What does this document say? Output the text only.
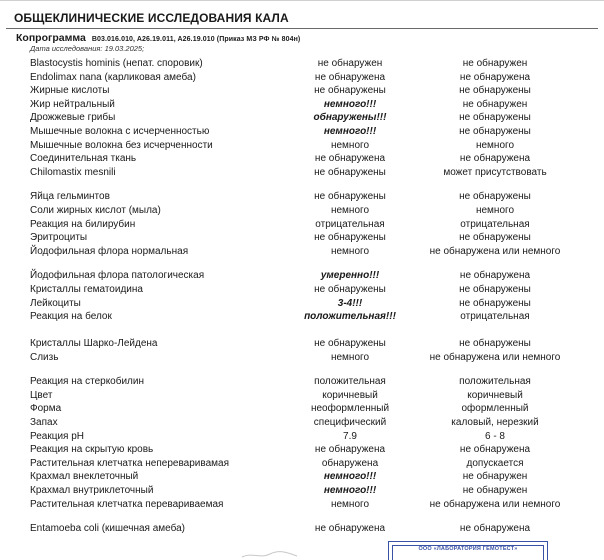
ОБЩЕКЛИНИЧЕСКИЕ ИССЛЕДОВАНИЯ КАЛА
Копрограмма B03.016.010, A26.19.011, A26.19.010 (Приказ МЗ РФ № 804н)
Дата исследования: 19.03.2025;
Blastocystis hominis (непат. споровик)	не обнаружен	не обнаружен
Endolimax nana (карликовая амеба)	не обнаружена	не обнаружена
Жирные кислоты	не обнаружены	не обнаружены
Жир нейтральный	немного!!!	не обнаружен
Дрожжевые грибы	обнаружены!!!	не обнаружены
Мышечные волокна с исчерченностью	немного!!!	не обнаружены
Мышечные волокна без исчерченности	немного	немного
Соединительная ткань	не обнаружена	не обнаружена
Chilomastix mesnili	не обнаружены	может присутствовать
Яйца гельминтов	не обнаружены	не обнаружены
Соли жирных кислот (мыла)	немного	немного
Реакция на билирубин	отрицательная	отрицательная
Эритроциты	не обнаружены	не обнаружены
Йодофильная флора нормальная	немного	не обнаружена или немного
Йодофильная флора патологическая	умеренно!!!	не обнаружена
Кристаллы гематоидина	не обнаружены	не обнаружены
Лейкоциты	3-4!!!	не обнаружены
Реакция на белок	положительная!!!	отрицательная
Кристаллы Шарко-Лейдена	не обнаружены	не обнаружены
Слизь	немного	не обнаружена или немного
Реакция на стеркобилин	положительная	положительная
Цвет	коричневый	коричневый
Форма	неоформленный	оформленный
Запах	специфический	каловый, нерезкий
Реакция pH	7.9	6 - 8
Реакция на скрытую кровь	не обнаружена	не обнаружена
Растительная клетчатка непереваривамая	обнаружена	допускается
Крахмал внеклеточный	немного!!!	не обнаружен
Крахмал внутриклеточный	немного!!!	не обнаружен
Растительная клетчатка перевариваемая	немного	не обнаружена или немного
Entamoeba coli (кишечная амеба)	не обнаружена	не обнаружена
ООО «ЛАБОРАТОРИЯ ГЕМОТЕСТ»
